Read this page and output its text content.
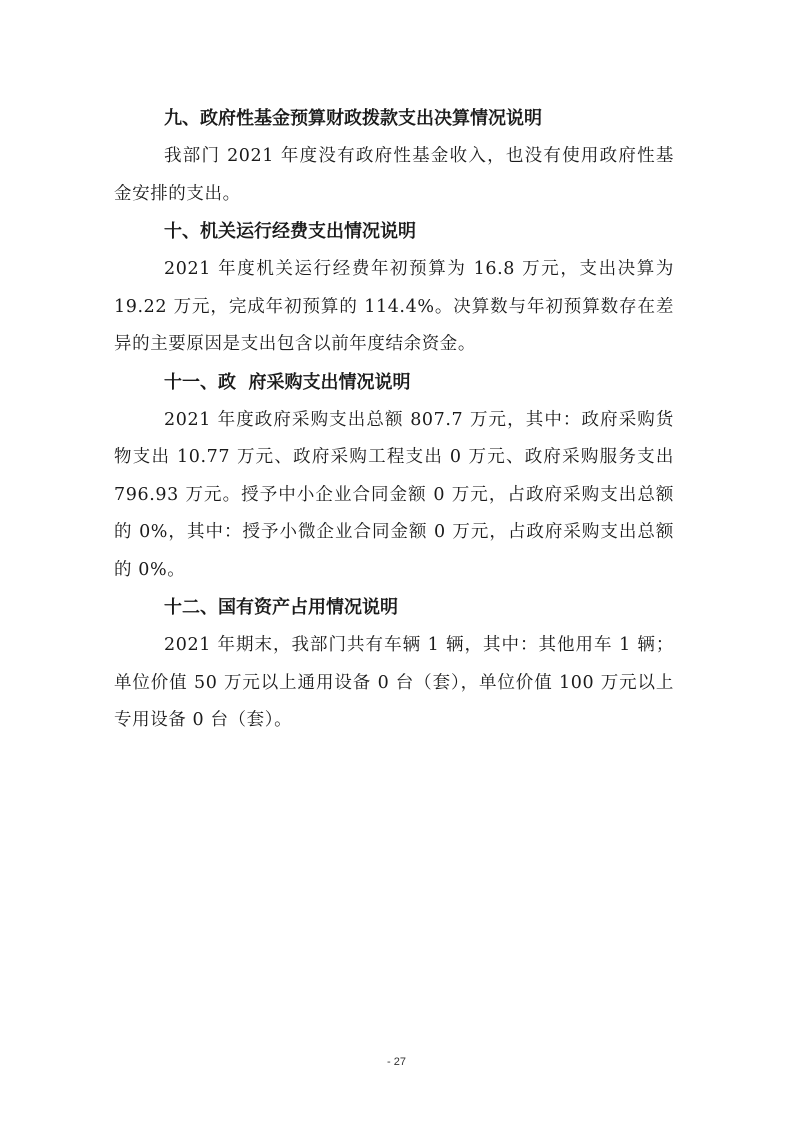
九、政府性基金预算财政拨款支出决算情况说明

我部门 2021 年度没有政府性基金收入，也没有使用政府性基金安排的支出。

十、机关运行经费支出情况说明

2021 年度机关运行经费年初预算为 16.8 万元，支出决算为 19.22 万元，完成年初预算的 114.4%。决算数与年初预算数存在差异的主要原因是支出包含以前年度结余资金。

十一、政  府采购支出情况说明

2021 年度政府采购支出总额 807.7 万元，其中：政府采购货物支出 10.77 万元、政府采购工程支出 0 万元、政府采购服务支出 796.93 万元。授予中小企业合同金额 0 万元，占政府采购支出总额的 0%，其中：授予小微企业合同金额 0 万元，占政府采购支出总额的 0%。

十二、国有资产占用情况说明

2021 年期末，我部门共有车辆 1 辆，其中：其他用车 1 辆；单位价值 50 万元以上通用设备 0 台（套），单位价值 100 万元以上专用设备 0 台（套）。

- 27
